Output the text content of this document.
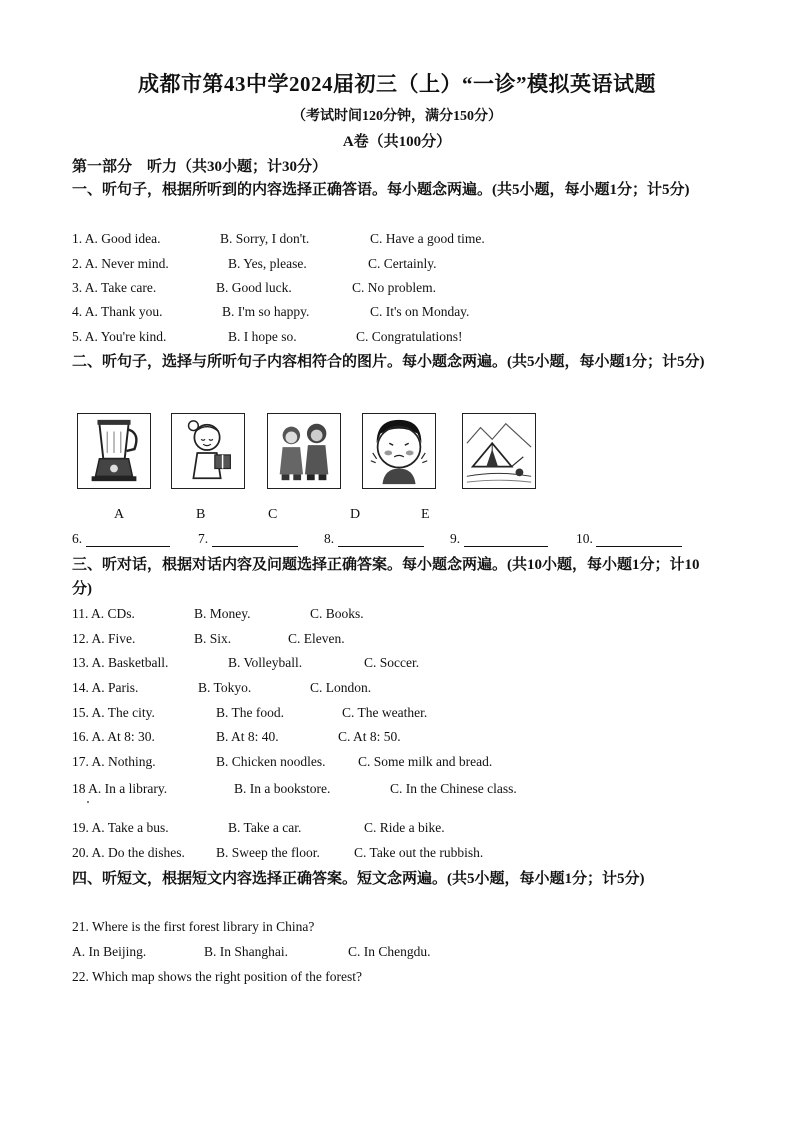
成都市第43中学2024届初三（上）“一诊”模拟英语试题
（考试时间120分钟，满分150分）
A卷（共100分）
第一部分　听力（共30小题；计30分）
一、听句子，根据所听到的内容选择正确答语。每小题念两遍。(共5小题，每小题1分；计5分)
1. A. Good idea.	B. Sorry, I don't.	C. Have a good time.
2. A. Never mind.	B. Yes, please.	C. Certainly.
3. A. Take care.	B. Good luck.	C. No problem.
4. A. Thank you.	B. I'm so happy.	C. It's on Monday.
5. A. You're kind.	B. I hope so.	C. Congratulations!
二、听句子，选择与所听句子内容相符合的图片。每小题念两遍。(共5小题，每小题1分；计5分)
A	B	C	D	E
6.	7.	8.	9.	10.
三、听对话，根据对话内容及问题选择正确答案。每小题念两遍。(共10小题，每小题1分；计10分)
11. A. CDs.	B. Money.	C. Books.
12. A. Five.	B. Six.	C. Eleven.
13. A. Basketball.	B. Volleyball.	C. Soccer.
14. A. Paris.	B. Tokyo.	C. London.
15. A. The city.	B. The food.	C. The weather.
16. A. At 8: 30.	B. At 8: 40.	C. At 8: 50.
17. A. Nothing.	B. Chicken noodles. C. Some milk and bread.
18 A. In a library.	B. In a bookstore.	C. In the Chinese class.
19. A. Take a bus.	B. Take a car.	C. Ride a bike.
20. A. Do the dishes. B. Sweep the floor.	C. Take out the rubbish.
四、听短文，根据短文内容选择正确答案。短文念两遍。(共5小题，每小题1分；计5分)
21. Where is the first forest library in China?
A. In Beijing.	B. In Shanghai.	C. In Chengdu.
22. Which map shows the right position of the forest?
